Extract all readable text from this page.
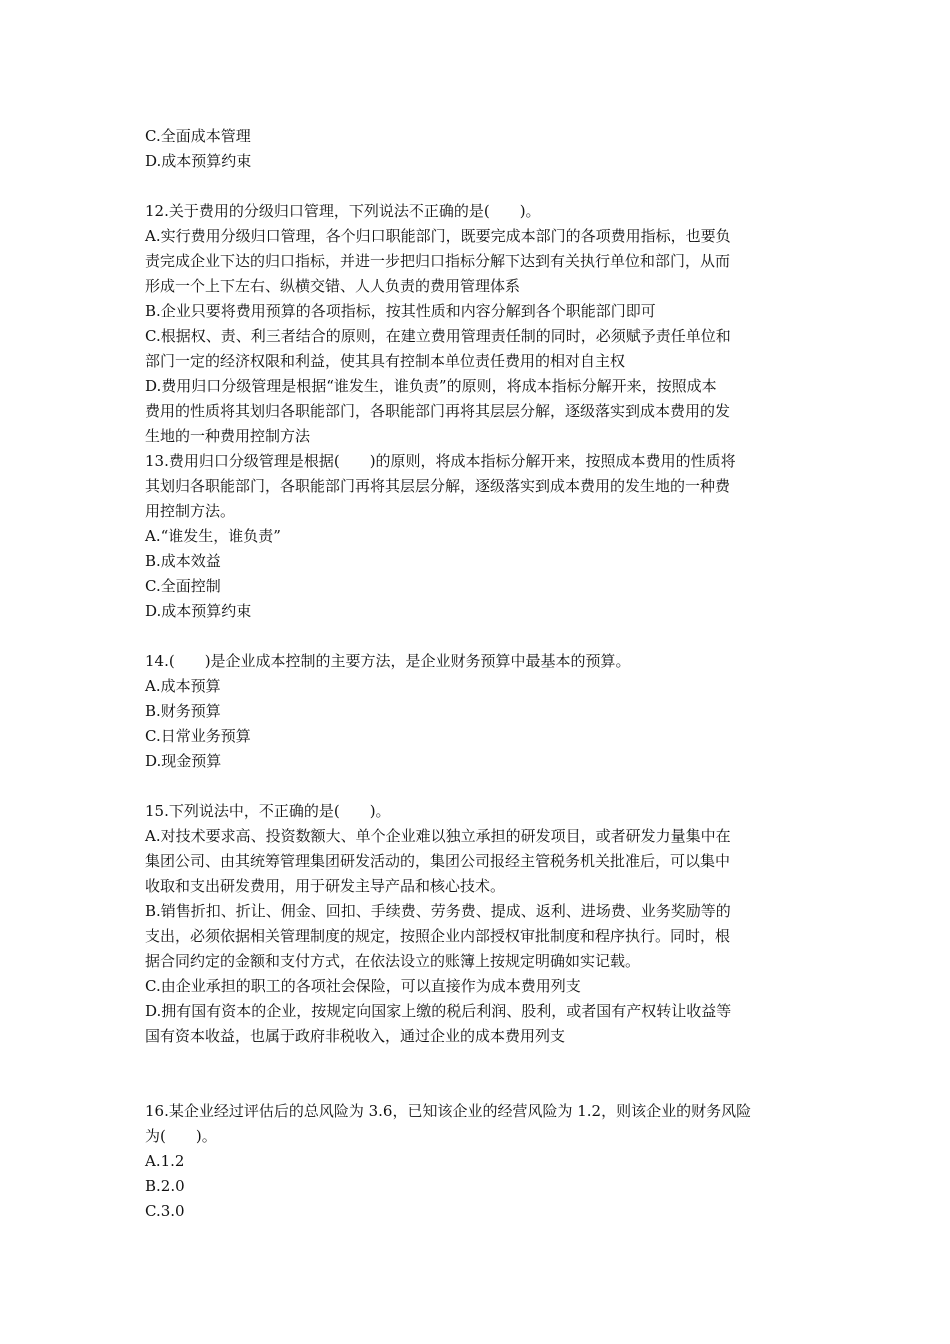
C.全面成本管理
D.成本预算约束
12.关于费用的分级归口管理，下列说法不正确的是(　　)。
A.实行费用分级归口管理，各个归口职能部门，既要完成本部门的各项费用指标，也要负
责完成企业下达的归口指标，并进一步把归口指标分解下达到有关执行单位和部门，从而
形成一个上下左右、纵横交错、人人负责的费用管理体系
B.企业只要将费用预算的各项指标，按其性质和内容分解到各个职能部门即可
C.根据权、责、利三者结合的原则，在建立费用管理责任制的同时，必须赋予责任单位和
部门一定的经济权限和利益，使其具有控制本单位责任费用的相对自主权
D.费用归口分级管理是根据“谁发生，谁负责”的原则，将成本指标分解开来，按照成本
费用的性质将其划归各职能部门，各职能部门再将其层层分解，逐级落实到成本费用的发
生地的一种费用控制方法
13.费用归口分级管理是根据(　　)的原则，将成本指标分解开来，按照成本费用的性质将
其划归各职能部门，各职能部门再将其层层分解，逐级落实到成本费用的发生地的一种费
用控制方法。
A.“谁发生，谁负责”
B.成本效益
C.全面控制
D.成本预算约束
14.(　　)是企业成本控制的主要方法，是企业财务预算中最基本的预算。
A.成本预算
B.财务预算
C.日常业务预算
D.现金预算
15.下列说法中，不正确的是(　　)。
A.对技术要求高、投资数额大、单个企业难以独立承担的研发项目，或者研发力量集中在
集团公司、由其统筹管理集团研发活动的，集团公司报经主管税务机关批准后，可以集中
收取和支出研发费用，用于研发主导产品和核心技术。
B.销售折扣、折让、佣金、回扣、手续费、劳务费、提成、返利、进场费、业务奖励等的
支出，必须依据相关管理制度的规定，按照企业内部授权审批制度和程序执行。同时，根
据合同约定的金额和支付方式，在依法设立的账簿上按规定明确如实记载。
C.由企业承担的职工的各项社会保险，可以直接作为成本费用列支
D.拥有国有资本的企业，按规定向国家上缴的税后利润、股利，或者国有产权转让收益等
国有资本收益，也属于政府非税收入，通过企业的成本费用列支
16.某企业经过评估后的总风险为 3.6，已知该企业的经营风险为 1.2，则该企业的财务风险
为(　　)。
A.1.2
B.2.0
C.3.0
